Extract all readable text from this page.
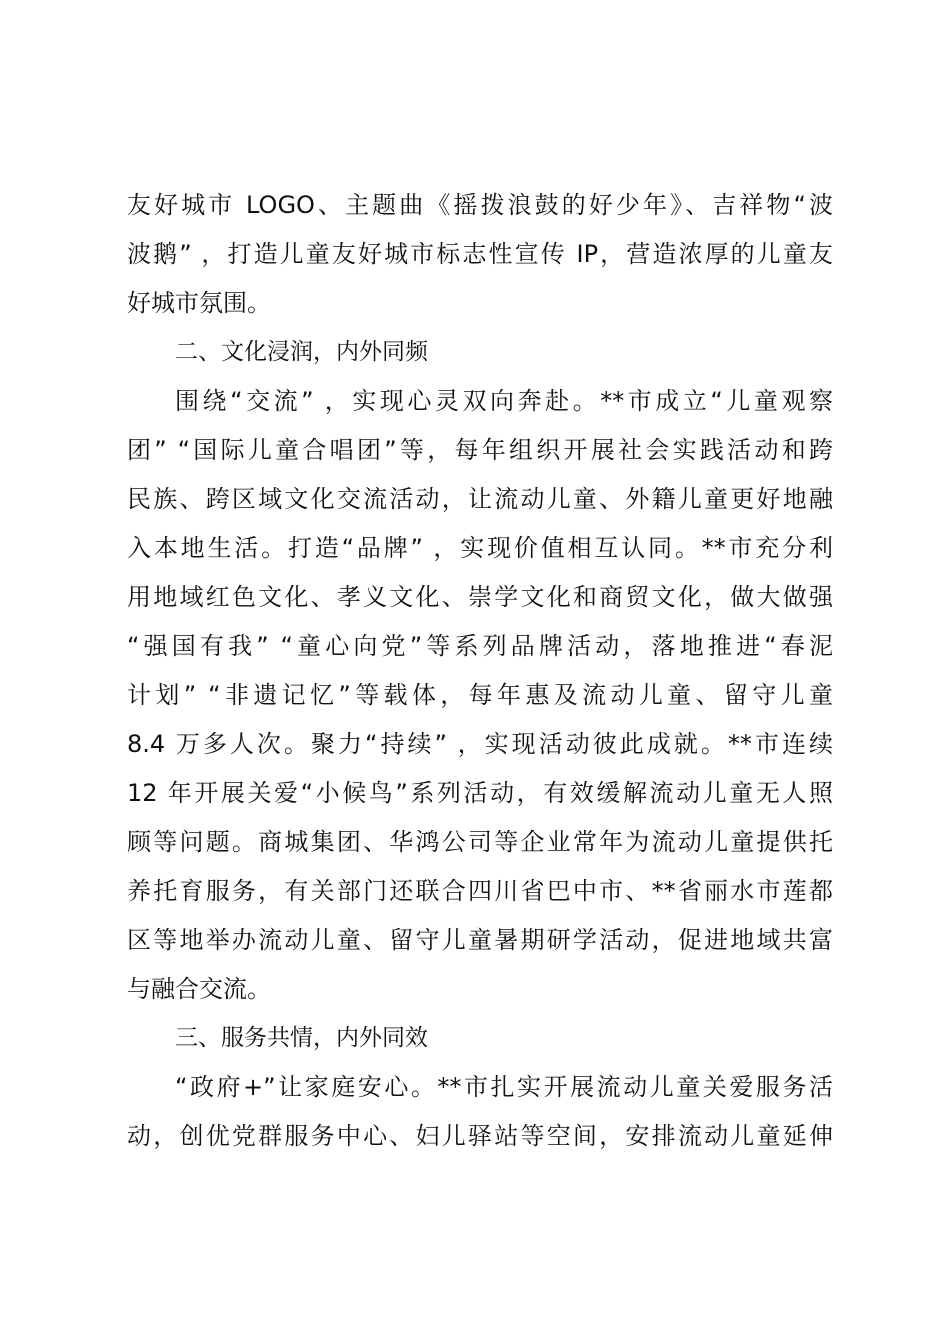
友好城市 LOGO、主题曲《摇拨浪鼓的好少年》、吉祥物“波
波鹅” ，打造儿童友好城市标志性宣传 IP，营造浓厚的儿童友
好城市氛围。
二、文化浸润，内外同频
围绕“交流” ，实现心灵双向奔赴。**市成立“儿童观察
团” “国际儿童合唱团”等，每年组织开展社会实践活动和跨
民族、跨区域文化交流活动，让流动儿童、外籍儿童更好地融
入本地生活。打造“品牌” ，实现价值相互认同。**市充分利
用地域红色文化、孝义文化、崇学文化和商贸文化，做大做强
“强国有我” “童心向党”等系列品牌活动，落地推进“春泥
计划” “非遗记忆”等载体，每年惠及流动儿童、留守儿童
8.4 万多人次。聚力“持续” ，实现活动彼此成就。**市连续
12 年开展关爱“小候鸟”系列活动，有效缓解流动儿童无人照
顾等问题。商城集团、华鸿公司等企业常年为流动儿童提供托
养托育服务，有关部门还联合四川省巴中市、**省丽水市莲都
区等地举办流动儿童、留守儿童暑期研学活动，促进地域共富
与融合交流。
三、服务共情，内外同效
“政府+”让家庭安心。**市扎实开展流动儿童关爱服务活
动，创优党群服务中心、妇儿驿站等空间，安排流动儿童延伸
